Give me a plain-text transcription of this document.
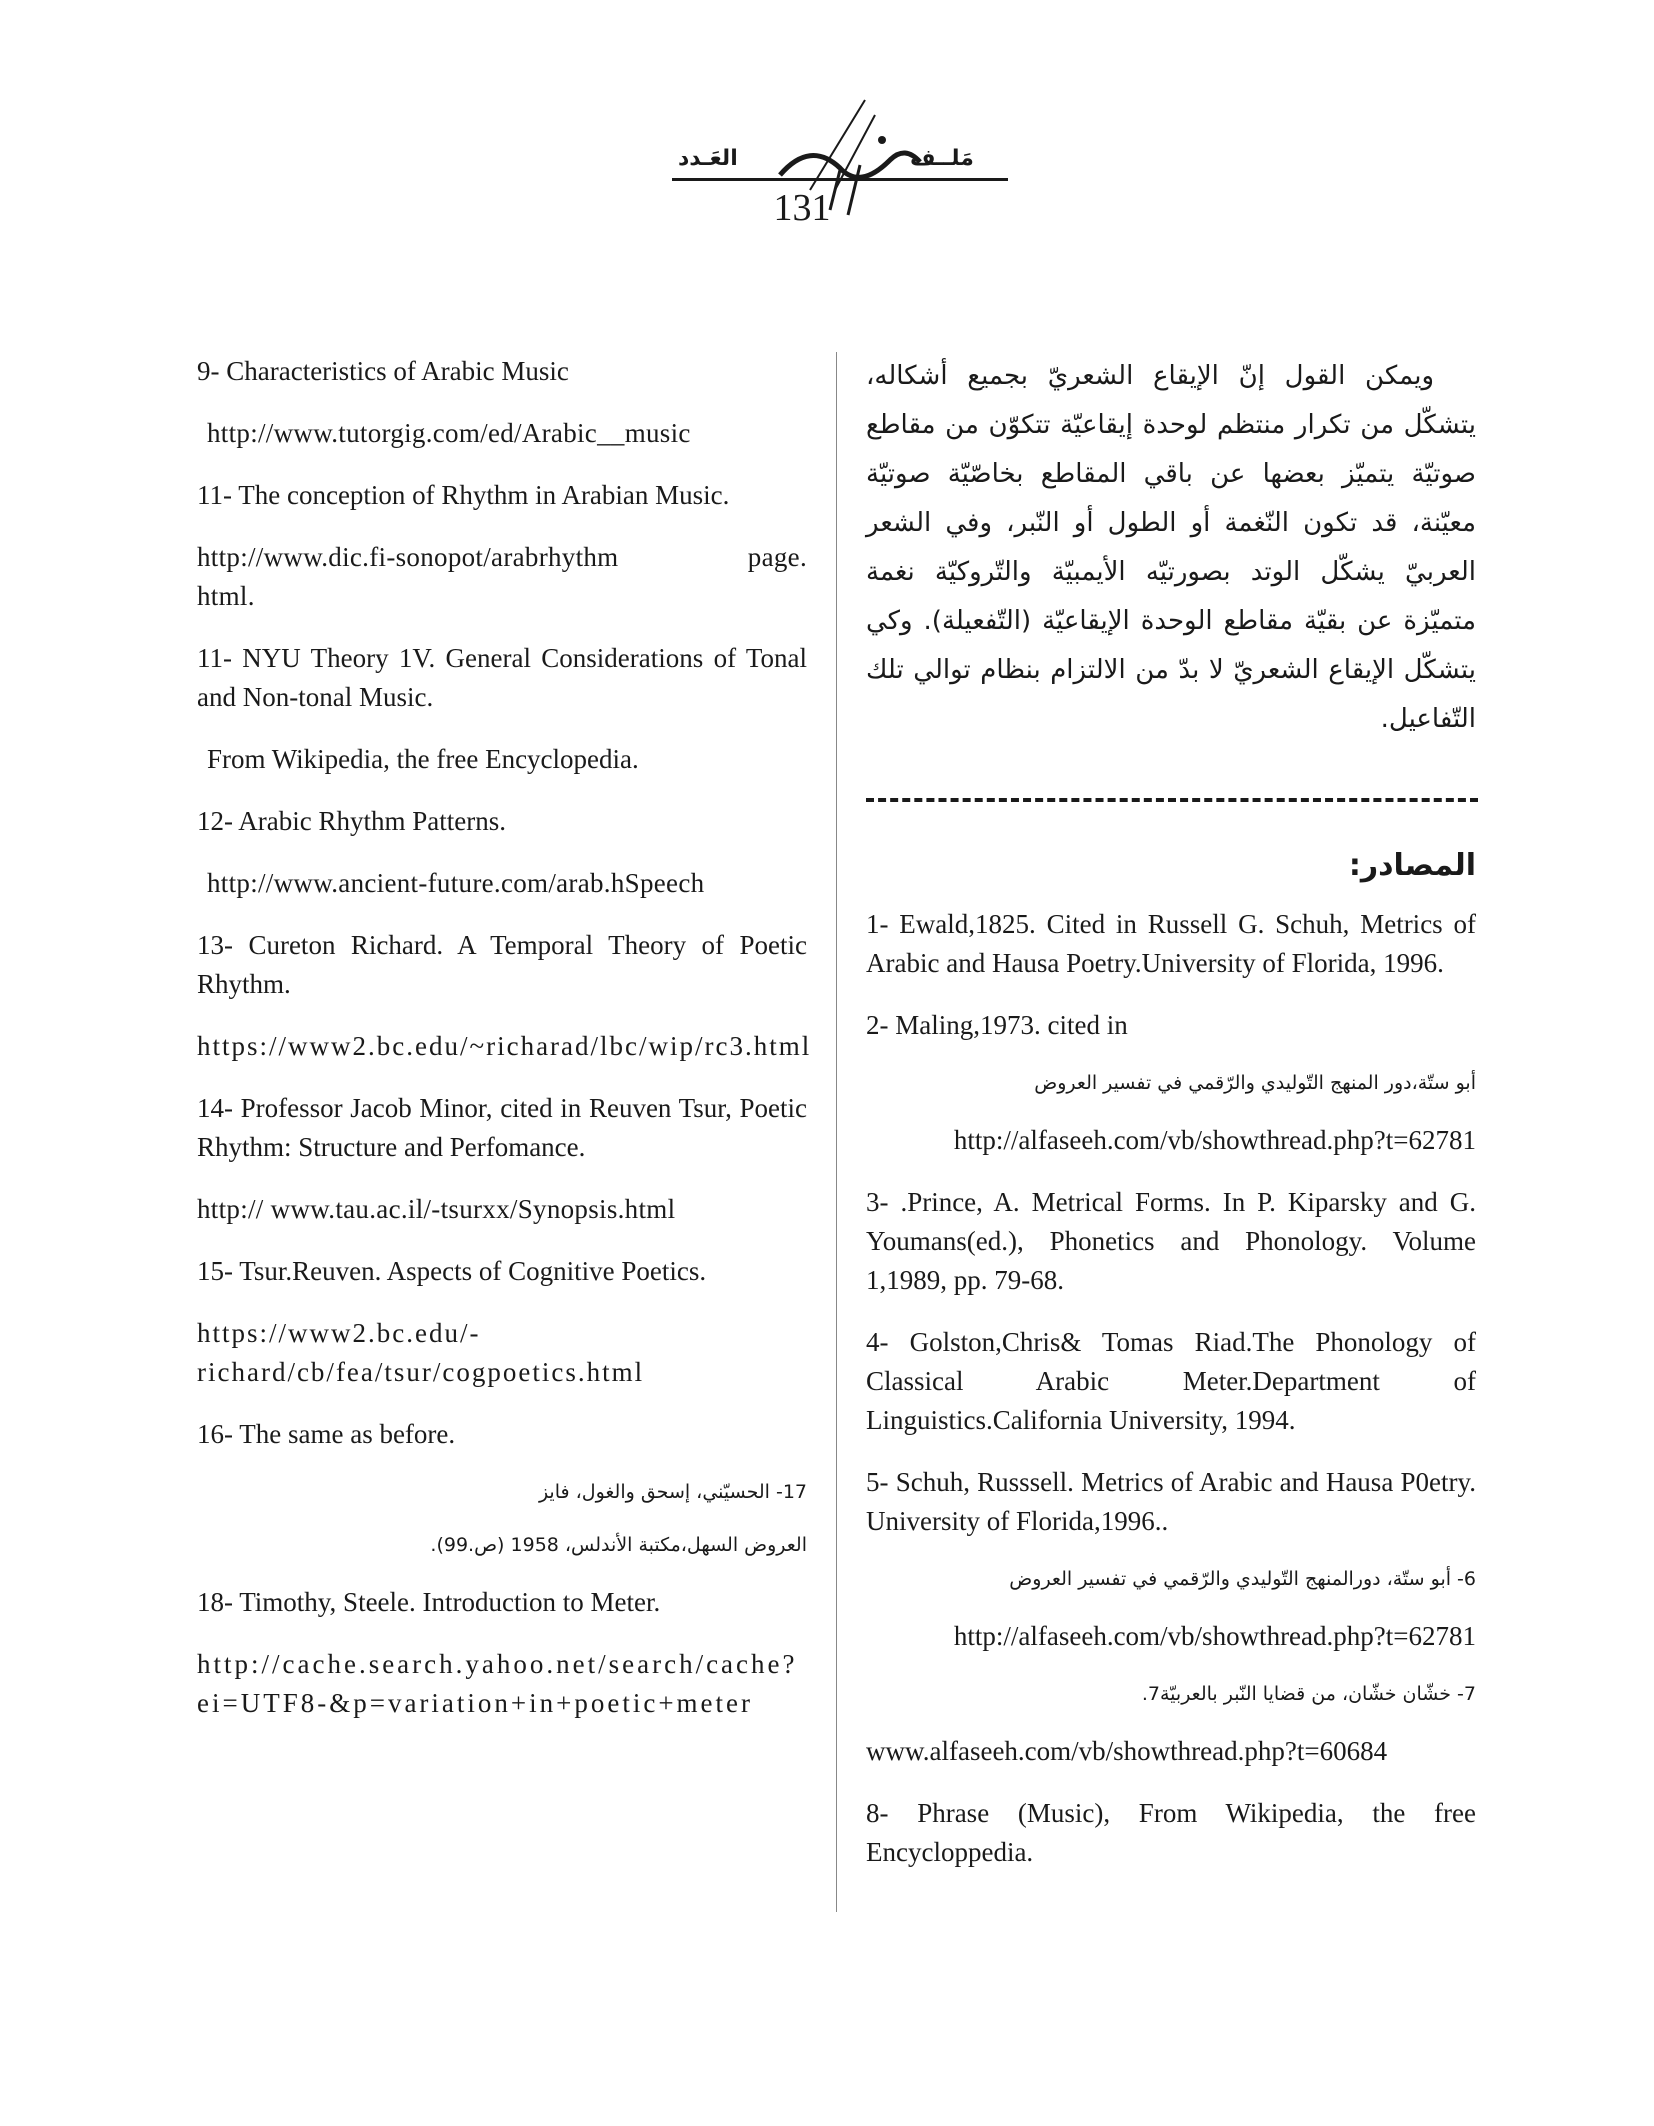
مَلــف
العَـدد
131

9- Characteristics of Arabic Music

http://www.tutorgig.com/ed/Arabic__music

11- The conception of Rhythm in Arabian Music.

http://www.dic.fi-sonopot/arabrhythm	page.
html.

11- NYU Theory 1V. General Considerations of Tonal and Non-tonal Music.

From Wikipedia, the free Encyclopedia.

12- Arabic Rhythm Patterns.

http://www.ancient-future.com/arab.hSpeech

13- Cureton Richard. A Temporal Theory of Poetic Rhythm.

https://www2.bc.edu/~richarad/lbc/wip/rc3.html

14- Professor Jacob Minor, cited in Reuven Tsur, Poetic Rhythm: Structure and Perfomance.

http:// www.tau.ac.il/-tsurxx/Synopsis.html

15- Tsur.Reuven. Aspects of Cognitive Poetics.

https://www2.bc.edu/-richard/cb/fea/tsur/cogpoetics.html

16- The same as before.

17- الحسيّني، إسحق والغول، فايز

العروض السهل،مكتبة الأندلس، 1958 (ص.99).

18- Timothy, Steele. Introduction to Meter.

http://cache.search.yahoo.net/search/cache?ei=UTF8-&p=variation+in+poetic+meter

ويمكن القول إنّ الإيقاع الشعريّ بجميع أشكاله، يتشكّل من تكرار منتظم لوحدة إيقاعيّة تتكوّن من مقاطع صوتيّة يتميّز بعضها عن باقي المقاطع بخاصّيّة صوتيّة معيّنة، قد تكون النّغمة أو الطول أو النّبر، وفي الشعر العربيّ يشكّل الوتد بصورتيّه الأيمبيّة والتّروكيّة نغمة متميّزة عن بقيّة مقاطع الوحدة الإيقاعيّة (التّفعيلة). وكي يتشكّل الإيقاع الشعريّ لا بدّ من الالتزام بنظام توالي تلك التّفاعيل.

المصادر:

1- Ewald,1825. Cited in Russell G. Schuh, Metrics of Arabic and Hausa Poetry.University of Florida, 1996.

2- Maling,1973. cited in

أبو ستّة،دور المنهج التّوليدي والرّقمي في تفسير العروض

http://alfaseeh.com/vb/showthread.php?t=62781

3- .Prince, A. Metrical Forms. In P. Kiparsky and G. Youmans(ed.), Phonetics and Phonology. Volume 1,1989, pp. 79-68.

4- Golston,Chris& Tomas Riad.The Phonology of Classical Arabic Meter.Department of Linguistics.California University, 1994.

5- Schuh, Russsell. Metrics of Arabic and Hausa P0etry. University of Florida,1996..

6- أبو ستّة، دورالمنهج التّوليدي والرّقمي في تفسير العروض

http://alfaseeh.com/vb/showthread.php?t=62781

7- خشّان خشّان، من قضايا النّبر بالعربيّة7.

www.alfaseeh.com/vb/showthread.php?t=60684

8- Phrase (Music), From Wikipedia, the free Encycloppedia.
